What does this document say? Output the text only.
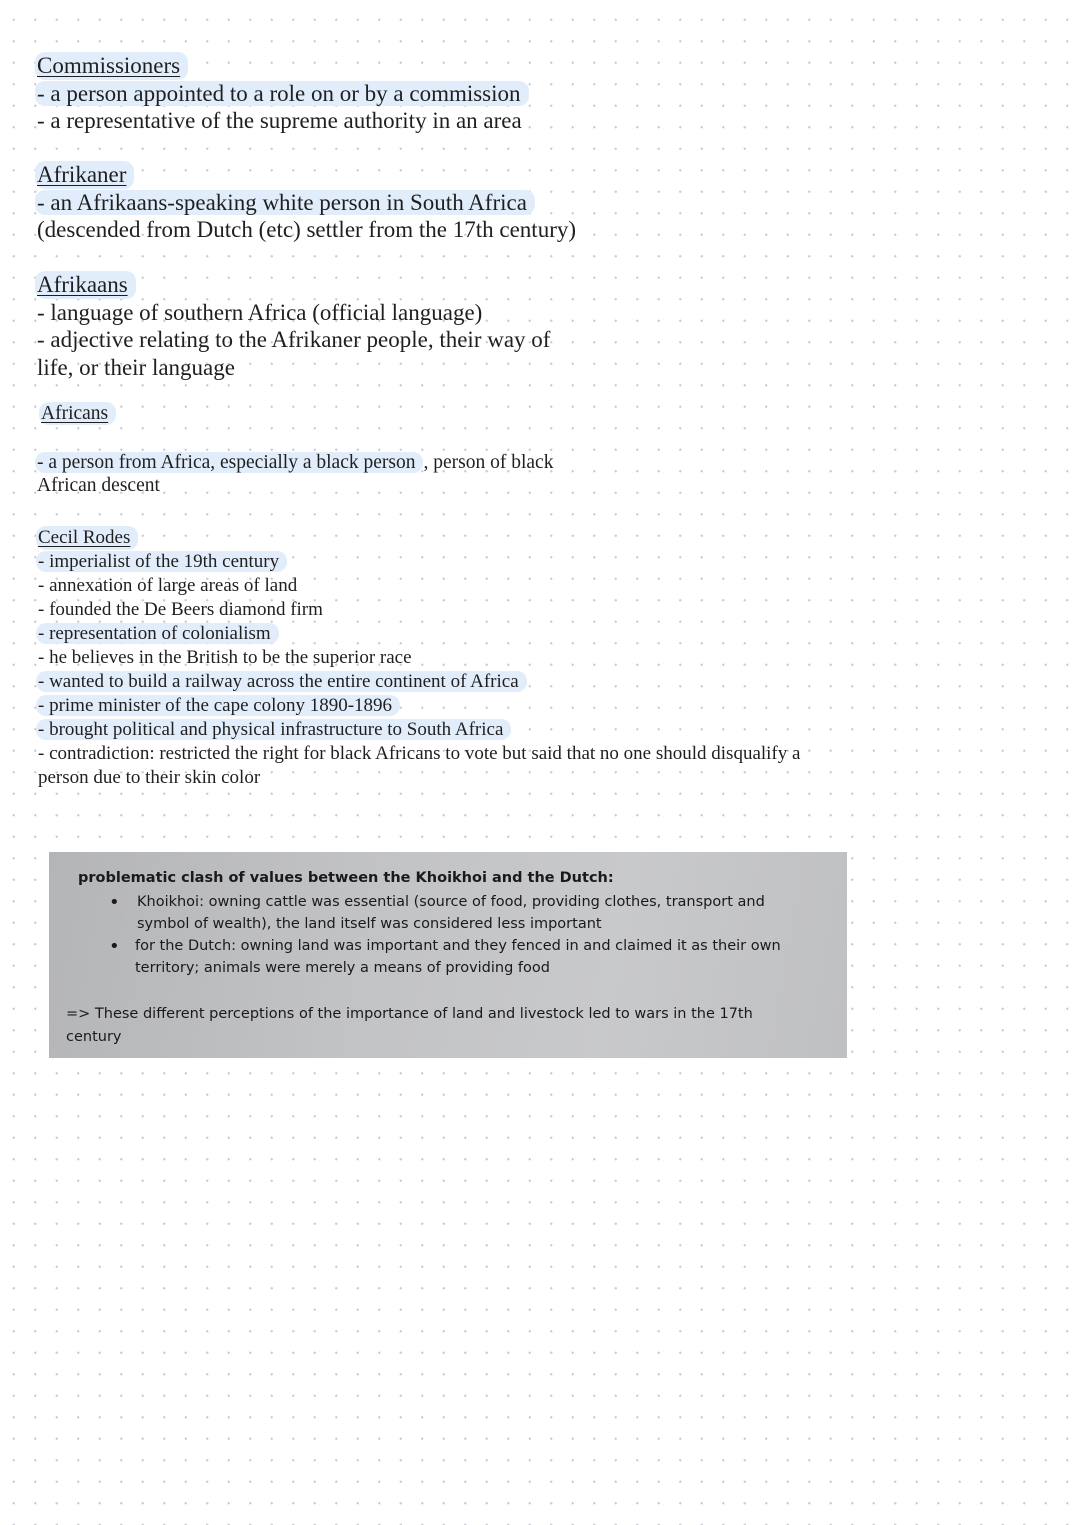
Commissioners
- a person appointed to a role on or by a commission
- a representative of the supreme authority in an area
Afrikaner
- an Afrikaans-speaking white person in South Africa
(descended from Dutch (etc) settler from the 17th century)
Afrikaans
- language of southern Africa (official language)
- adjective relating to the Afrikaner people, their way of
life, or their language
Africans
- a person from Africa, especially a black person , person of black
African descent
Cecil Rodes
- imperialist of the 19th century
- annexation of large areas of land
- founded the De Beers diamond firm
- representation of colonialism
- he believes in the British to be the superior race
- wanted to build a railway across the entire continent of Africa
- prime minister of the cape colony 1890-1896
- brought political and physical infrastructure to South Africa
- contradiction: restricted the right for black Africans to vote but said that no one should disqualify a
person due to their skin color
problematic clash of values between the Khoikhoi and the Dutch:
• Khoikhoi: owning cattle was essential (source of food, providing clothes, transport and
symbol of wealth), the land itself was considered less important
• for the Dutch: owning land was important and they fenced in and claimed it as their own
territory; animals were merely a means of providing food
=> These different perceptions of the importance of land and livestock led to wars in the 17th
century
